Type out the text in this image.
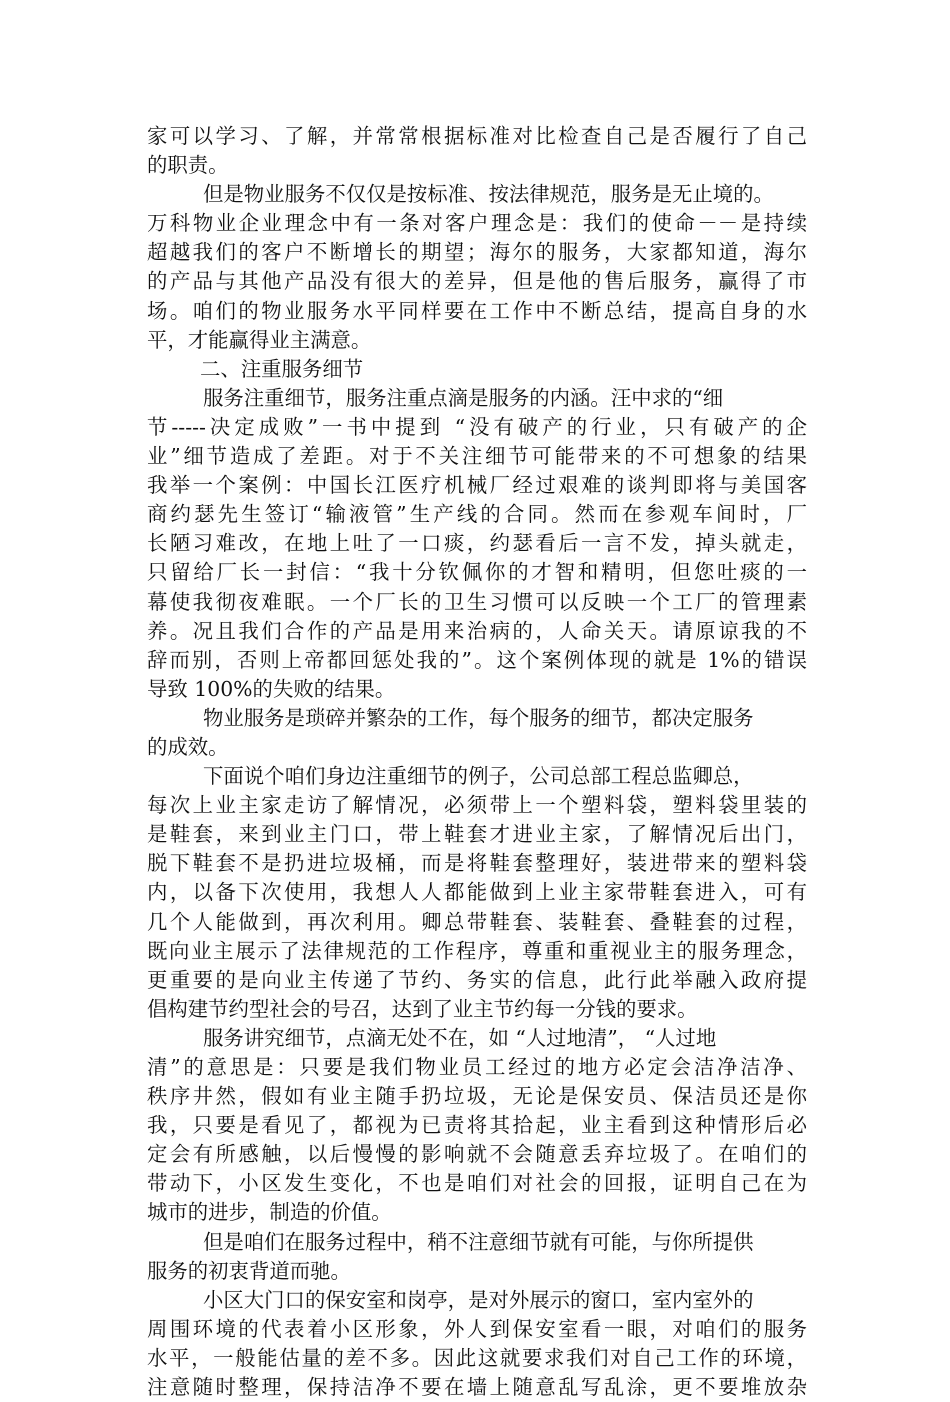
家可以学习、了解，并常常根据标准对比检查自己是否履行了自己
的职责。
但是物业服务不仅仅是按标准、按法律规范，服务是无止境的。
万科物业企业理念中有一条对客户理念是：我们的使命－－是持续
超越我们的客户不断增长的期望；海尔的服务，大家都知道，海尔
的产品与其他产品没有很大的差异，但是他的售后服务，赢得了市
场。咱们的物业服务水平同样要在工作中不断总结，提高自身的水
平，才能赢得业主满意。
二、注重服务细节
服务注重细节，服务注重点滴是服务的内涵。汪中求的“细
节-----决定成败”一书中提到 “没有破产的行业，只有破产的企
业”细节造成了差距。对于不关注细节可能带来的不可想象的结果
我举一个案例：中国长江医疗机械厂经过艰难的谈判即将与美国客
商约瑟先生签订“输液管”生产线的合同。然而在参观车间时，厂
长陋习难改，在地上吐了一口痰，约瑟看后一言不发，掉头就走，
只留给厂长一封信：“我十分钦佩你的才智和精明，但您吐痰的一
幕使我彻夜难眠。一个厂长的卫生习惯可以反映一个工厂的管理素
养。况且我们合作的产品是用来治病的，人命关天。请原谅我的不
辞而别，否则上帝都回惩处我的”。这个案例体现的就是 1%的错误
导致 100%的失败的结果。
物业服务是琐碎并繁杂的工作，每个服务的细节，都决定服务
的成效。
下面说个咱们身边注重细节的例子，公司总部工程总监卿总，
每次上业主家走访了解情况，必须带上一个塑料袋，塑料袋里装的
是鞋套，来到业主门口，带上鞋套才进业主家，了解情况后出门，
脱下鞋套不是扔进垃圾桶，而是将鞋套整理好，装进带来的塑料袋
内，以备下次使用，我想人人都能做到上业主家带鞋套进入，可有
几个人能做到，再次利用。卿总带鞋套、装鞋套、叠鞋套的过程，
既向业主展示了法律规范的工作程序，尊重和重视业主的服务理念，
更重要的是向业主传递了节约、务实的信息，此行此举融入政府提
倡构建节约型社会的号召，达到了业主节约每一分钱的要求。
服务讲究细节，点滴无处不在，如 “人过地清”， “人过地
清”的意思是：只要是我们物业员工经过的地方必定会洁净洁净、
秩序井然，假如有业主随手扔垃圾，无论是保安员、保洁员还是你
我，只要是看见了，都视为已责将其拾起，业主看到这种情形后必
定会有所感触，以后慢慢的影响就不会随意丢弃垃圾了。在咱们的
带动下，小区发生变化，不也是咱们对社会的回报，证明自己在为
城市的进步，制造的价值。
但是咱们在服务过程中，稍不注意细节就有可能，与你所提供
服务的初衷背道而驰。
小区大门口的保安室和岗亭，是对外展示的窗口，室内室外的
周围环境的代表着小区形象，外人到保安室看一眼，对咱们的服务
水平，一般能估量的差不多。因此这就要求我们对自己工作的环境，
注意随时整理，保持洁净不要在墙上随意乱写乱涂，更不要堆放杂
